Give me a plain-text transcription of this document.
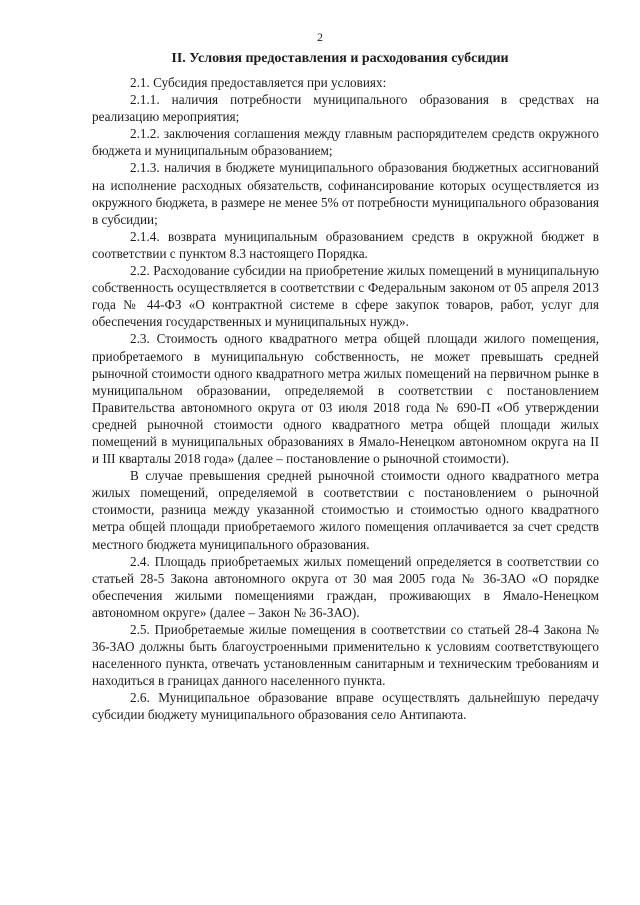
2
II. Условия предоставления и расходования субсидии

2.1. Субсидия предоставляется при условиях:

2.1.1. наличия потребности муниципального образования в средствах на реализацию мероприятия;

2.1.2. заключения соглашения между главным распорядителем средств окружного бюджета и муниципальным образованием;

2.1.3. наличия в бюджете муниципального образования бюджетных ассигнований на исполнение расходных обязательств, софинансирование которых осуществляется из окружного бюджета, в размере не менее 5% от потребности муниципального образования в субсидии;

2.1.4. возврата муниципальным образованием средств в окружной бюджет в соответствии с пунктом 8.3 настоящего Порядка.

2.2. Расходование субсидии на приобретение жилых помещений в муниципальную собственность осуществляется в соответствии с Федеральным законом от 05 апреля 2013 года № 44-ФЗ «О контрактной системе в сфере закупок товаров, работ, услуг для обеспечения государственных и муниципальных нужд».

2.3. Стоимость одного квадратного метра общей площади жилого помещения, приобретаемого в муниципальную собственность, не может превышать средней рыночной стоимости одного квадратного метра жилых помещений на первичном рынке в муниципальном образовании, определяемой в соответствии с постановлением Правительства автономного округа от 03 июля 2018 года № 690-П «Об утверждении средней рыночной стоимости одного квадратного метра общей площади жилых помещений в муниципальных образованиях в Ямало-Ненецком автономном округа на II и III кварталы 2018 года» (далее – постановление о рыночной стоимости).

В случае превышения средней рыночной стоимости одного квадратного метра жилых помещений, определяемой в соответствии с постановлением о рыночной стоимости, разница между указанной стоимостью и стоимостью одного квадратного метра общей площади приобретаемого жилого помещения оплачивается за счет средств местного бюджета муниципального образования.

2.4. Площадь приобретаемых жилых помещений определяется в соответствии со статьей 28-5 Закона автономного округа от 30 мая 2005 года № 36-ЗАО «О порядке обеспечения жилыми помещениями граждан, проживающих в Ямало-Ненецком автономном округе» (далее – Закон № 36-ЗАО).

2.5. Приобретаемые жилые помещения в соответствии со статьей 28-4 Закона № 36-ЗАО должны быть благоустроенными применительно к условиям соответствующего населенного пункта, отвечать установленным санитарным и техническим требованиям и находиться в границах данного населенного пункта.

2.6. Муниципальное образование вправе осуществлять дальнейшую передачу субсидии бюджету муниципального образования село Антипаюта.
